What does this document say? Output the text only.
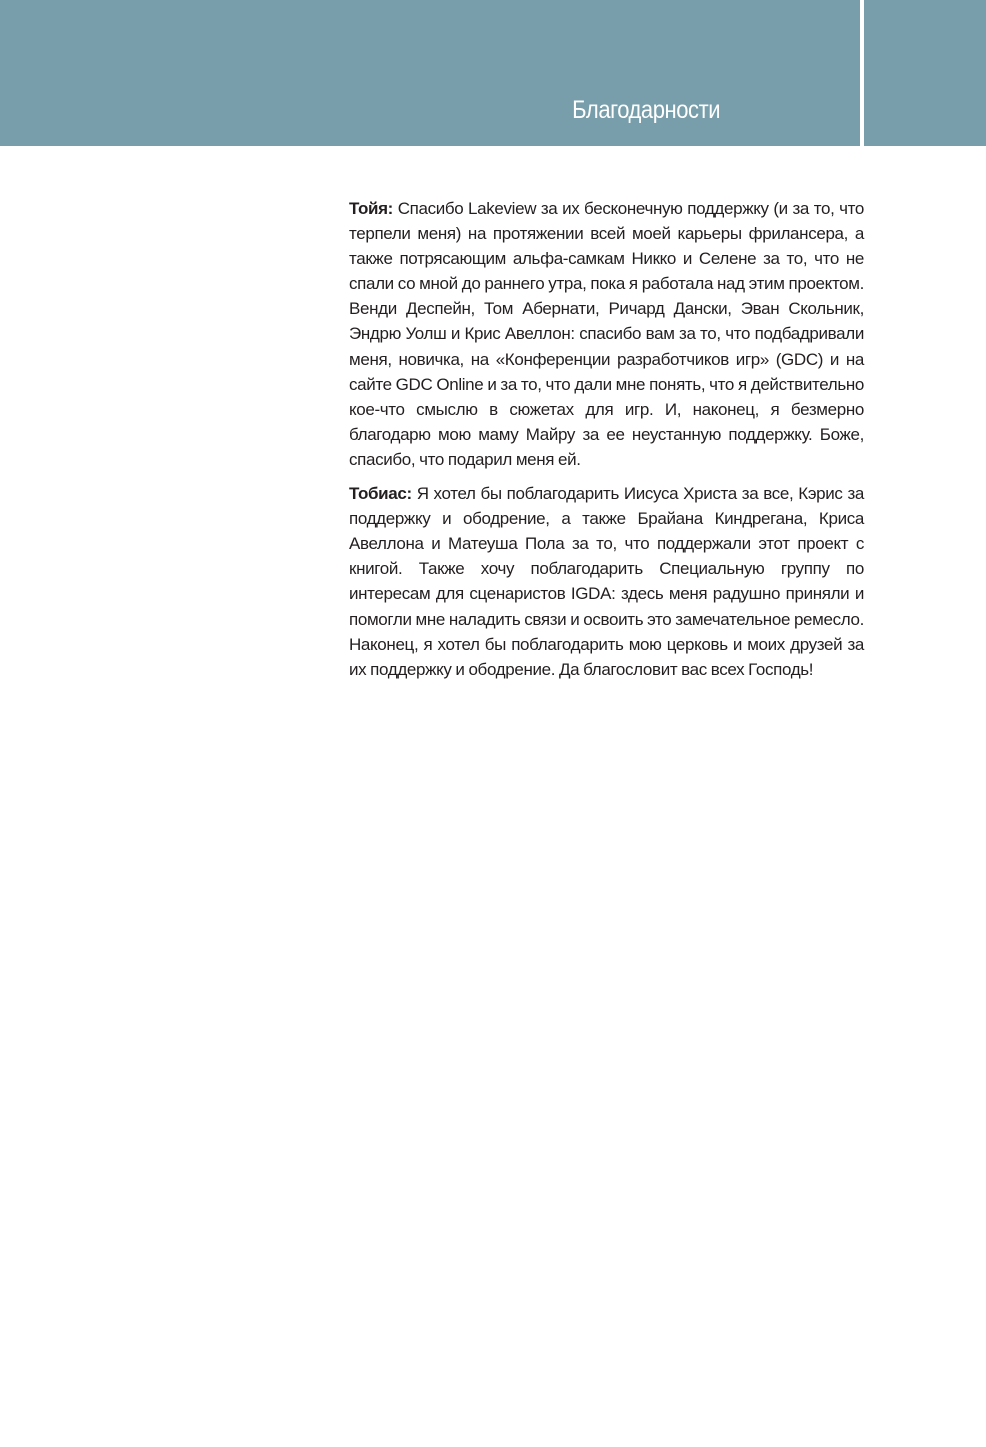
Благодарности

Тойя: Спасибо Lakeview за их бесконечную поддержку (и за то, что терпели меня) на протяжении всей моей карьеры фрилансера, а также потрясающим альфа-самкам Никко и Селене за то, что не спали со мной до раннего утра, пока я работала над этим проектом. Венди Деспейн, Том Абернати, Ричард Дански, Эван Скольник, Эндрю Уолш и Крис Авеллон: спасибо вам за то, что подбадривали меня, новичка, на «Конференции разработчиков игр» (GDC) и на сайте GDC Online и за то, что дали мне понять, что я действительно кое-что смыслю в сюжетах для игр. И, наконец, я безмерно благодарю мою маму Майру за ее неустанную поддержку. Боже, спасибо, что подарил меня ей.

Тобиас: Я хотел бы поблагодарить Иисуса Христа за все, Кэрис за поддержку и ободрение, а также Брайана Киндрегана, Криса Авеллона и Матеуша Пола за то, что поддержали этот проект с книгой. Также хочу поблагодарить Специальную группу по интересам для сценаристов IGDA: здесь меня радушно приняли и помогли мне наладить связи и освоить это замечательное ремесло. Наконец, я хотел бы поблагодарить мою церковь и моих друзей за их поддержку и ободрение. Да благословит вас всех Господь!
